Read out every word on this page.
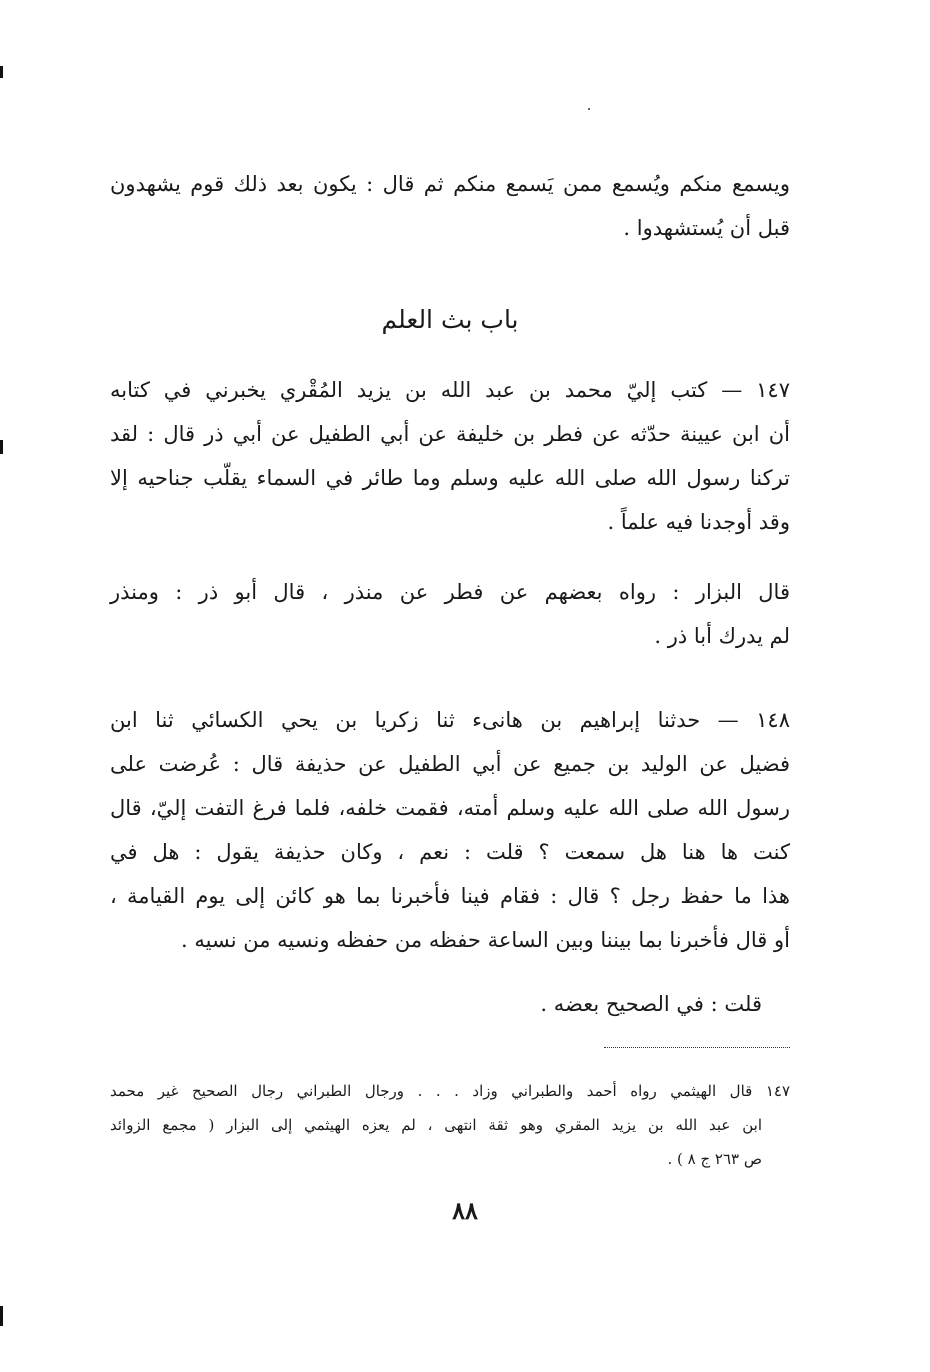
ويسمع منكم ويُسمع ممن يَسمع منكم ثم قال : يكون بعد ذلك قوم يشهدون
قبل أن يُستشهدوا .
باب بث العلم
١٤٧ — كتب إليّ محمد بن عبد الله بن يزيد المُقْري يخبرني في كتابه
أن ابن عيينة حدّثه عن فطر بن خليفة عن أبي الطفيل عن أبي ذر قال : لقد
تركنا رسول الله صلى الله عليه وسلم وما طائر في السماء يقلّب جناحيه إلا
وقد أوجدنا فيه علماً .
قال البزار : رواه بعضهم عن فطر عن منذر ، قال أبو ذر : ومنذر
لم يدرك أبا ذر .
١٤٨ — حدثنا إبراهيم بن هانىء ثنا زكريا بن يحي الكسائي ثنا ابن
فضيل عن الوليد بن جميع عن أبي الطفيل عن حذيفة قال : عُرضت على
رسول الله صلى الله عليه وسلم أمته، فقمت خلفه، فلما فرغ التفت إليّ، قال
كنت ها هنا هل سمعت ؟ قلت : نعم ، وكان حذيفة يقول : هل في
هذا ما حفظ رجل ؟ قال : فقام فينا فأخبرنا بما هو كائن إلى يوم القيامة ،
أو قال فأخبرنا بما بيننا وبين الساعة حفظه من حفظه ونسيه من نسيه .
قلت : في الصحيح بعضه .
١٤٧ قال الهيثمي رواه أحمد والطبراني وزاد . . . ورجال الطبراني رجال الصحيح غير محمد
ابن عبد الله بن يزيد المقري وهو ثقة انتهى ، لم يعزه الهيثمي إلى البزار ( مجمع الزوائد
ص ٢٦٣ ج ٨ ) .
٨٨
